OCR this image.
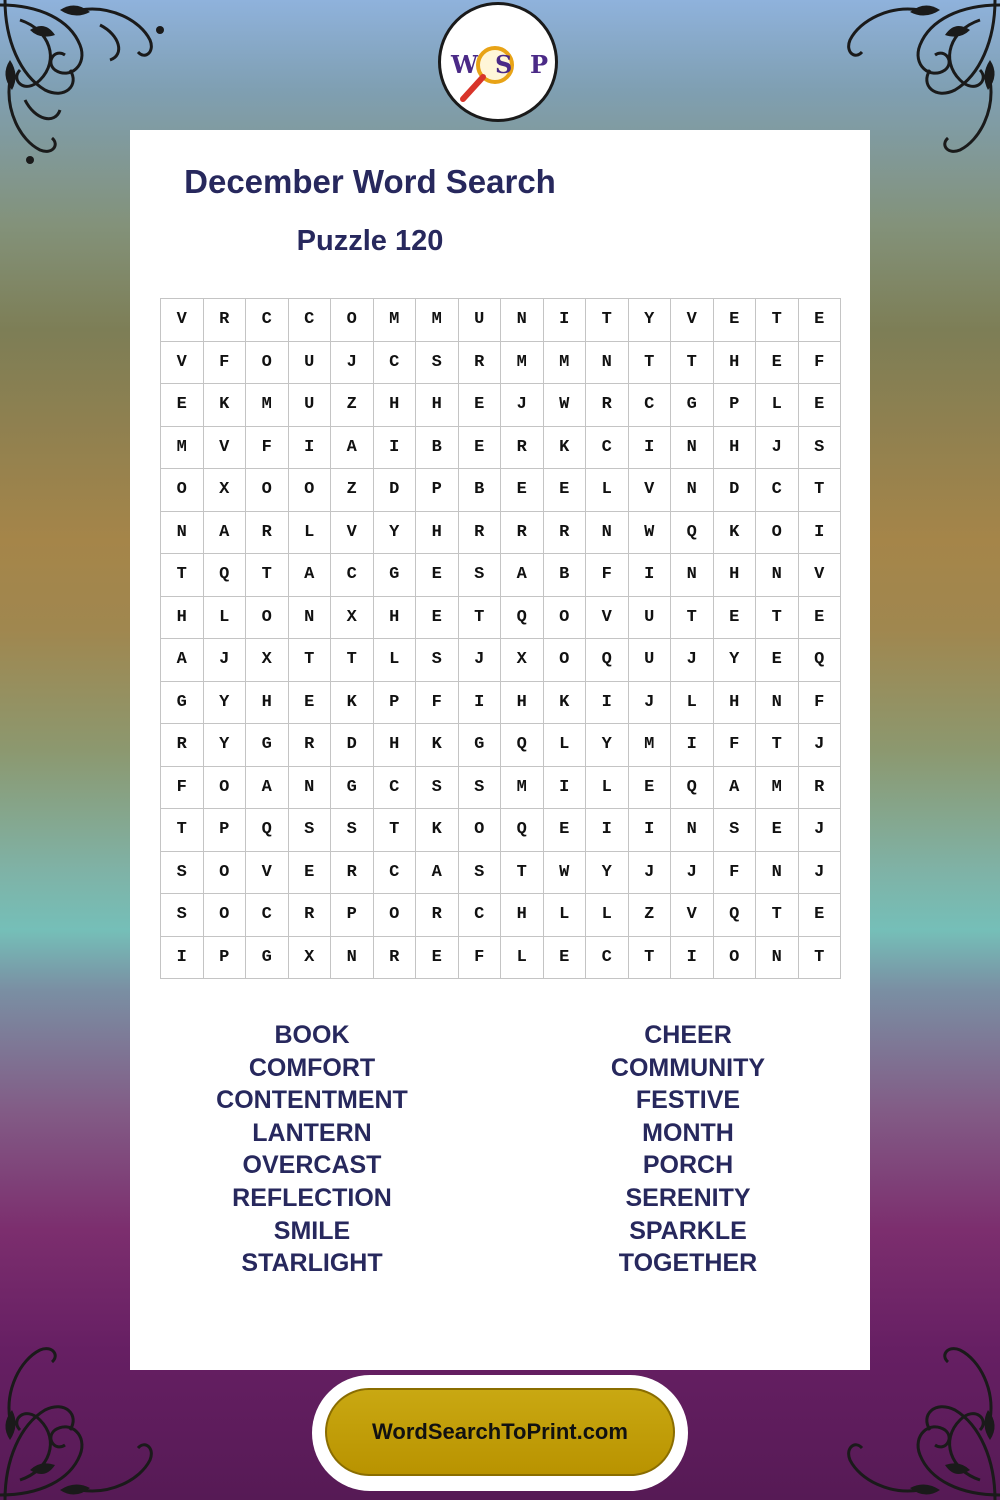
W S P
December Word Search
Puzzle 120
V	R	C	C	O	M	M	U	N	I	T	Y	V	E	T	E
V	F	O	U	J	C	S	R	M	M	N	T	T	H	E	F
E	K	M	U	Z	H	H	E	J	W	R	C	G	P	L	E
M	V	F	I	A	I	B	E	R	K	C	I	N	H	J	S
O	X	O	O	Z	D	P	B	E	E	L	V	N	D	C	T
N	A	R	L	V	Y	H	R	R	R	N	W	Q	K	O	I
T	Q	T	A	C	G	E	S	A	B	F	I	N	H	N	V
H	L	O	N	X	H	E	T	Q	O	V	U	T	E	T	E
A	J	X	T	T	L	S	J	X	O	Q	U	J	Y	E	Q
G	Y	H	E	K	P	F	I	H	K	I	J	L	H	N	F
R	Y	G	R	D	H	K	G	Q	L	Y	M	I	F	T	J
F	O	A	N	G	C	S	S	M	I	L	E	Q	A	M	R
T	P	Q	S	S	T	K	O	Q	E	I	I	N	S	E	J
S	O	V	E	R	C	A	S	T	W	Y	J	J	F	N	J
S	O	C	R	P	O	R	C	H	L	L	Z	V	Q	T	E
I	P	G	X	N	R	E	F	L	E	C	T	I	O	N	T
BOOK
COMFORT
CONTENTMENT
LANTERN
OVERCAST
REFLECTION
SMILE
STARLIGHT
CHEER
COMMUNITY
FESTIVE
MONTH
PORCH
SERENITY
SPARKLE
TOGETHER
WordSearchToPrint.com
